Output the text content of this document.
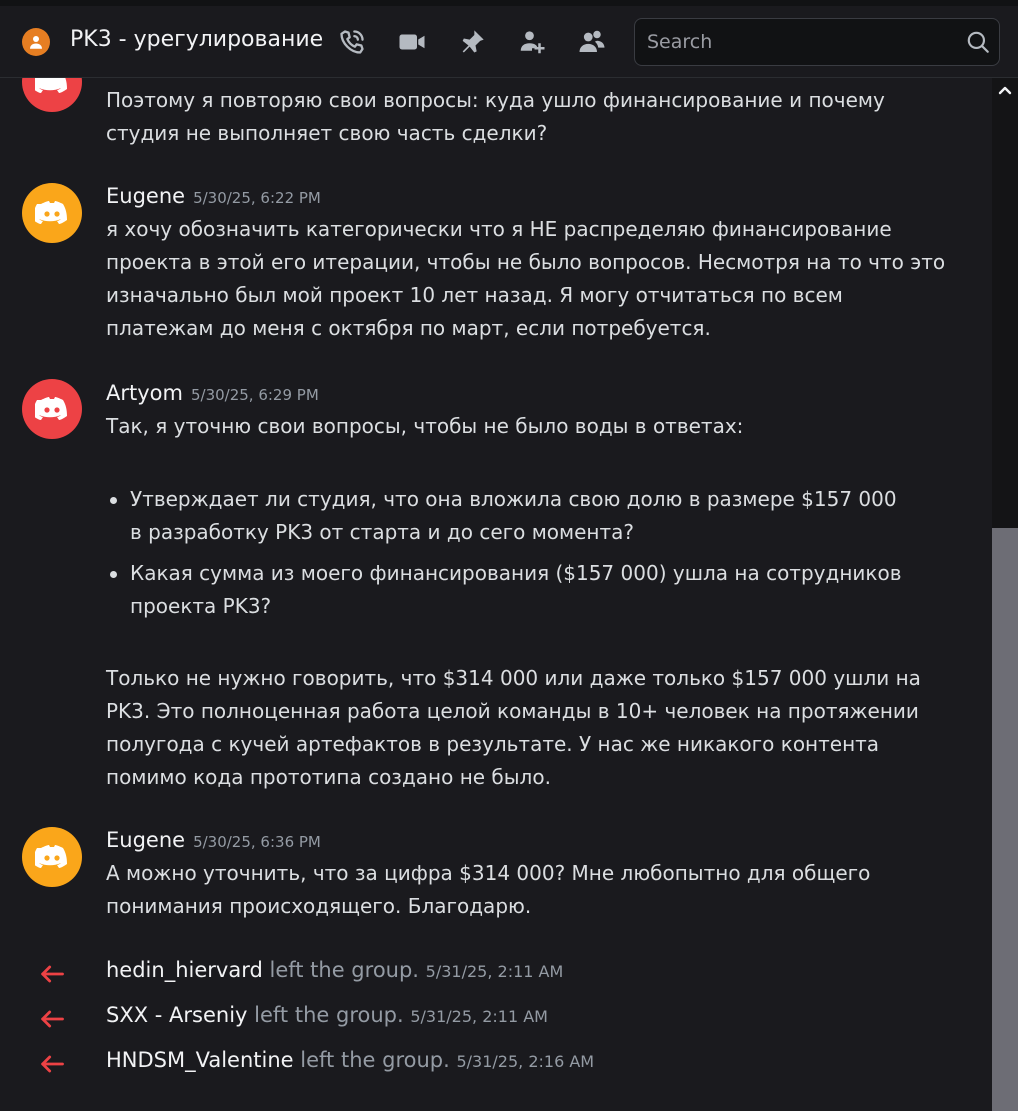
PK3 - урегулирование
Search

Поэтому я повторяю свои вопросы: куда ушло финансирование и почему студия не выполняет свою часть сделки?

Eugene 5/30/25, 6:22 PM

я хочу обозначить категорически что я НЕ распределяю финансирование проекта в этой его итерации, чтобы не было вопросов. Несмотря на то что это изначально был мой проект 10 лет назад. Я могу отчитаться по всем платежам до меня с октября по март, если потребуется.

Artyom 5/30/25, 6:29 PM

Так, я уточню свои вопросы, чтобы не было воды в ответах:

Утверждает ли студия, что она вложила свою долю в размере $157 000 в разработку PK3 от старта и до сего момента?
Какая сумма из моего финансирования ($157 000) ушла на сотрудников проекта PK3?

Только не нужно говорить, что $314 000 или даже только $157 000 ушли на PK3. Это полноценная работа целой команды в 10+ человек на протяжении полугода с кучей артефактов в результате. У нас же никакого контента помимо кода прототипа создано не было.

Eugene 5/30/25, 6:36 PM

А можно уточнить, что за цифра $314 000? Мне любопытно для общего понимания происходящего. Благодарю.

hedin_hiervard left the group. 5/31/25, 2:11 AM
SXX - Arseniy left the group. 5/31/25, 2:11 AM
HNDSM_Valentine left the group. 5/31/25, 2:16 AM
